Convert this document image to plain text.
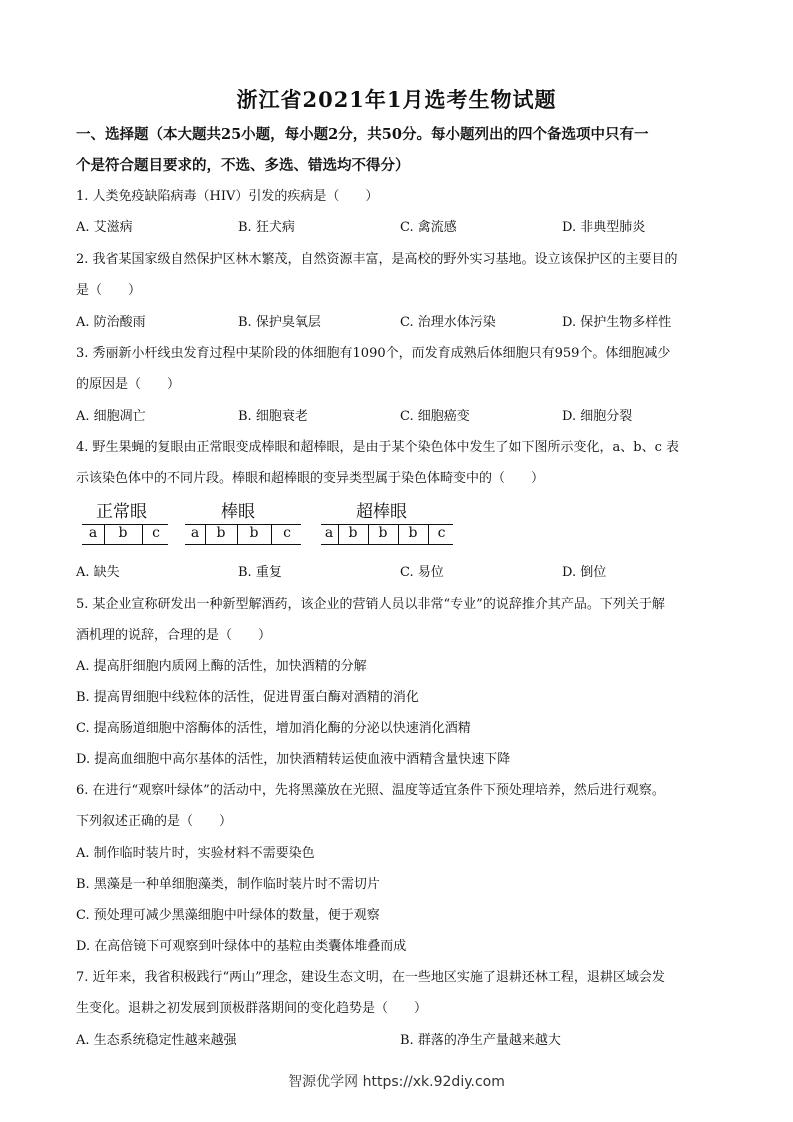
浙江省2021年1月选考生物试题
一、选择题（本大题共25小题，每小题2分，共50分。每小题列出的四个备选项中只有一
个是符合题目要求的，不选、多选、错选均不得分）
1. 人类免疫缺陷病毒（HIV）引发的疾病是（　　）
A. 艾滋病	B. 狂犬病	C. 禽流感	D. 非典型肺炎
2. 我省某国家级自然保护区林木繁茂，自然资源丰富，是高校的野外实习基地。设立该保护区的主要目的
是（　　）
A. 防治酸雨	B. 保护臭氧层	C. 治理水体污染	D. 保护生物多样性
3. 秀丽新小杆线虫发育过程中某阶段的体细胞有1090个，而发育成熟后体细胞只有959个。体细胞减少
的原因是（　　）
A. 细胞凋亡	B. 细胞衰老	C. 细胞癌变	D. 细胞分裂
4. 野生果蝇的复眼由正常眼变成棒眼和超棒眼，是由于某个染色体中发生了如下图所示变化，a、b、c 表
示该染色体中的不同片段。棒眼和超棒眼的变异类型属于染色体畸变中的（　　）
正常眼	棒眼	超棒眼
a	b	c	a	b	b	c	a	b	b	b	c
A. 缺失	B. 重复	C. 易位	D. 倒位
5. 某企业宣称研发出一种新型解酒药，该企业的营销人员以非常“专业”的说辞推介其产品。下列关于解
酒机理的说辞，合理的是（　　）
A. 提高肝细胞内质网上酶的活性，加快酒精的分解
B. 提高胃细胞中线粒体的活性，促进胃蛋白酶对酒精的消化
C. 提高肠道细胞中溶酶体的活性，增加消化酶的分泌以快速消化酒精
D. 提高血细胞中高尔基体的活性，加快酒精转运使血液中酒精含量快速下降
6. 在进行“观察叶绿体”的活动中，先将黑藻放在光照、温度等适宜条件下预处理培养，然后进行观察。
下列叙述正确的是（　　）
A. 制作临时装片时，实验材料不需要染色
B. 黑藻是一种单细胞藻类，制作临时装片时不需切片
C. 预处理可减少黑藻细胞中叶绿体的数量，便于观察
D. 在高倍镜下可观察到叶绿体中的基粒由类囊体堆叠而成
7. 近年来，我省积极践行“两山”理念，建设生态文明，在一些地区实施了退耕还林工程，退耕区域会发
生变化。退耕之初发展到顶极群落期间的变化趋势是（　　）
A. 生态系统稳定性越来越强	B. 群落的净生产量越来越大
智源优学网 https://xk.92diy.com
